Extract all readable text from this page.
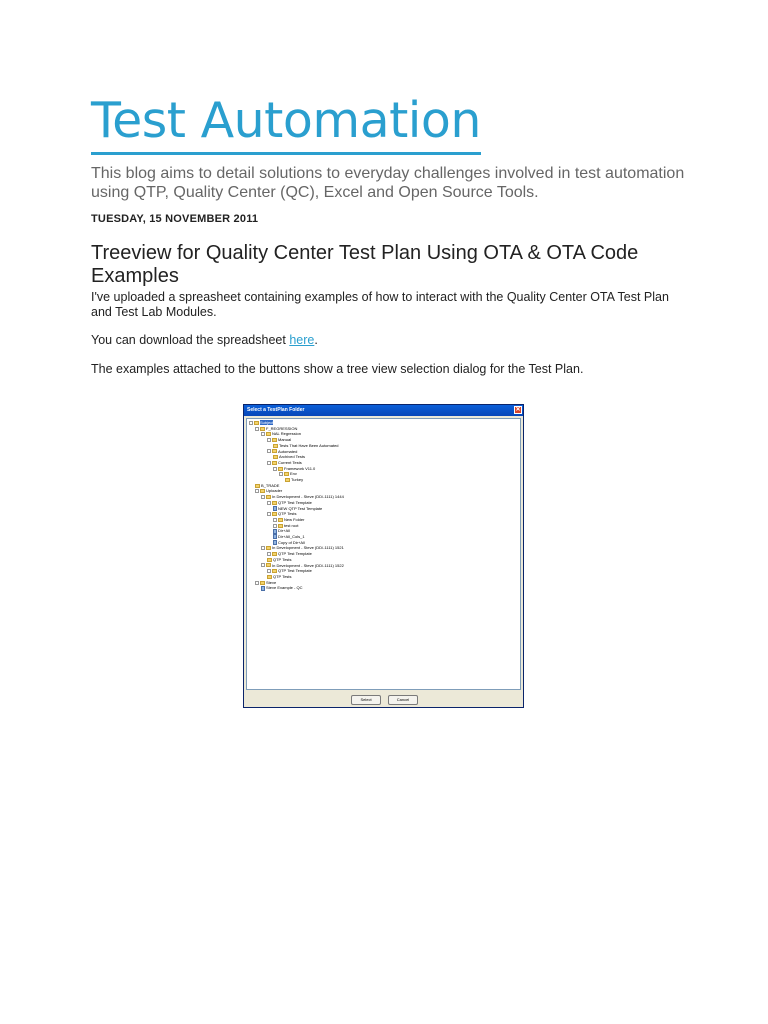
Test Automation

This blog aims to detail solutions to everyday challenges involved in test automation using QTP, Quality Center (QC), Excel and Open Source Tools.

TUESDAY, 15 NOVEMBER 2011
Treeview for Quality Center Test Plan Using OTA & OTA Code Examples

I've uploaded a spreasheet containing examples of how to interact with the Quality Center OTA Test Plan and Test Lab Modules.

You can download the spreadsheet here.

The examples attached to the buttons show a tree view selection dialog for the Test Plan.

Select a TestPlan Folder	✕
Subject
F_REGRESSION
NAL Regression
Manual
Tests That Have Been Automated
Automated
Archived Tests
Current Tests
Framework V11.0
Env
Turkey
B_TRADE
Uploader
In Development - Steve (DD/-1111) 1444
QTP Test Template
NEW QTP Test Template
QTP Tests
New Folder
test root
Dir+All
Dir+All_Cols_1
Copy of Dir+All
In Development - Steve (DD/-1111) 1521
QTP Test Template
QTP Tests
In Development - Steve (DD/-1111) 1522
QTP Test Template
QTP Tests
Steve
Steve Example - QC
Select	Cancel
